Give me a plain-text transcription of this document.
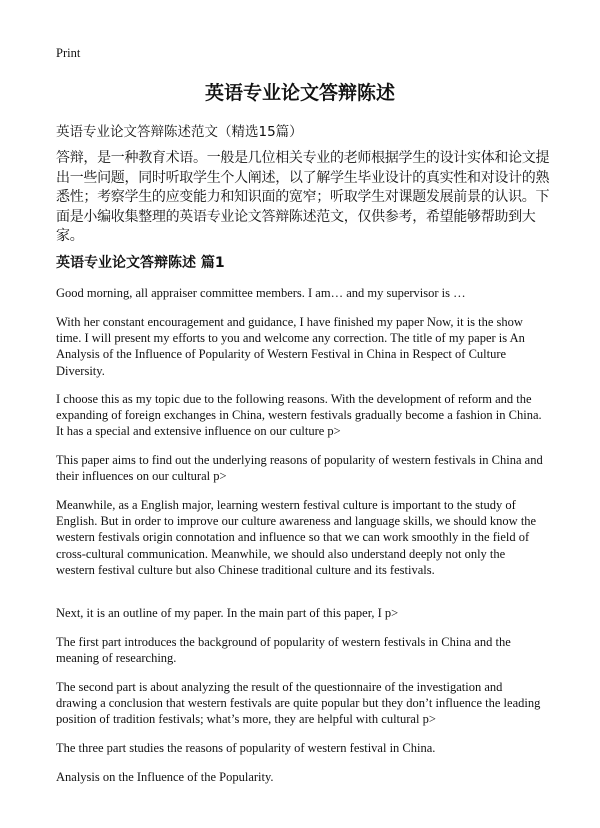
Print
英语专业论文答辩陈述
英语专业论文答辩陈述范文（精选15篇）
答辩，是一种教育术语。一般是几位相关专业的老师根据学生的设计实体和论文提出一些问题，同时听取学生个人阐述，以了解学生毕业设计的真实性和对设计的熟悉性；考察学生的应变能力和知识面的宽窄；听取学生对课题发展前景的认识。下面是小编收集整理的英语专业论文答辩陈述范文，仅供参考，希望能够帮助到大家。
英语专业论文答辩陈述 篇1

Good morning, all appraiser committee members. I am… and my supervisor is …

With her constant encouragement and guidance, I have finished my paper Now, it is the show time. I will present my efforts to you and welcome any correction. The title of my paper is An Analysis of the Influence of Popularity of Western Festival in China in Respect of Culture Diversity.

I choose this as my topic due to the following reasons. With the development of reform and the expanding of foreign exchanges in China, western festivals gradually become a fashion in China. It has a special and extensive influence on our culture p>

This paper aims to find out the underlying reasons of popularity of western festivals in China and their influences on our cultural p>

Meanwhile, as a English major, learning western festival culture is important to the study of English. But in order to improve our culture awareness and language skills, we should know the western festivals origin connotation and influence so that we can work smoothly in the field of cross-cultural communication. Meanwhile, we should also understand deeply not only the western festival culture but also Chinese traditional culture and its festivals.

Next, it is an outline of my paper. In the main part of this paper, I p>

The first part introduces the background of popularity of western festivals in China and the meaning of researching.

The second part is about analyzing the result of the questionnaire of the investigation and drawing a conclusion that western festivals are quite popular but they don’t influence the leading position of tradition festivals; what’s more, they are helpful with cultural p>

The three part studies the reasons of popularity of western festival in China.

Analysis on the Influence of the Popularity.
